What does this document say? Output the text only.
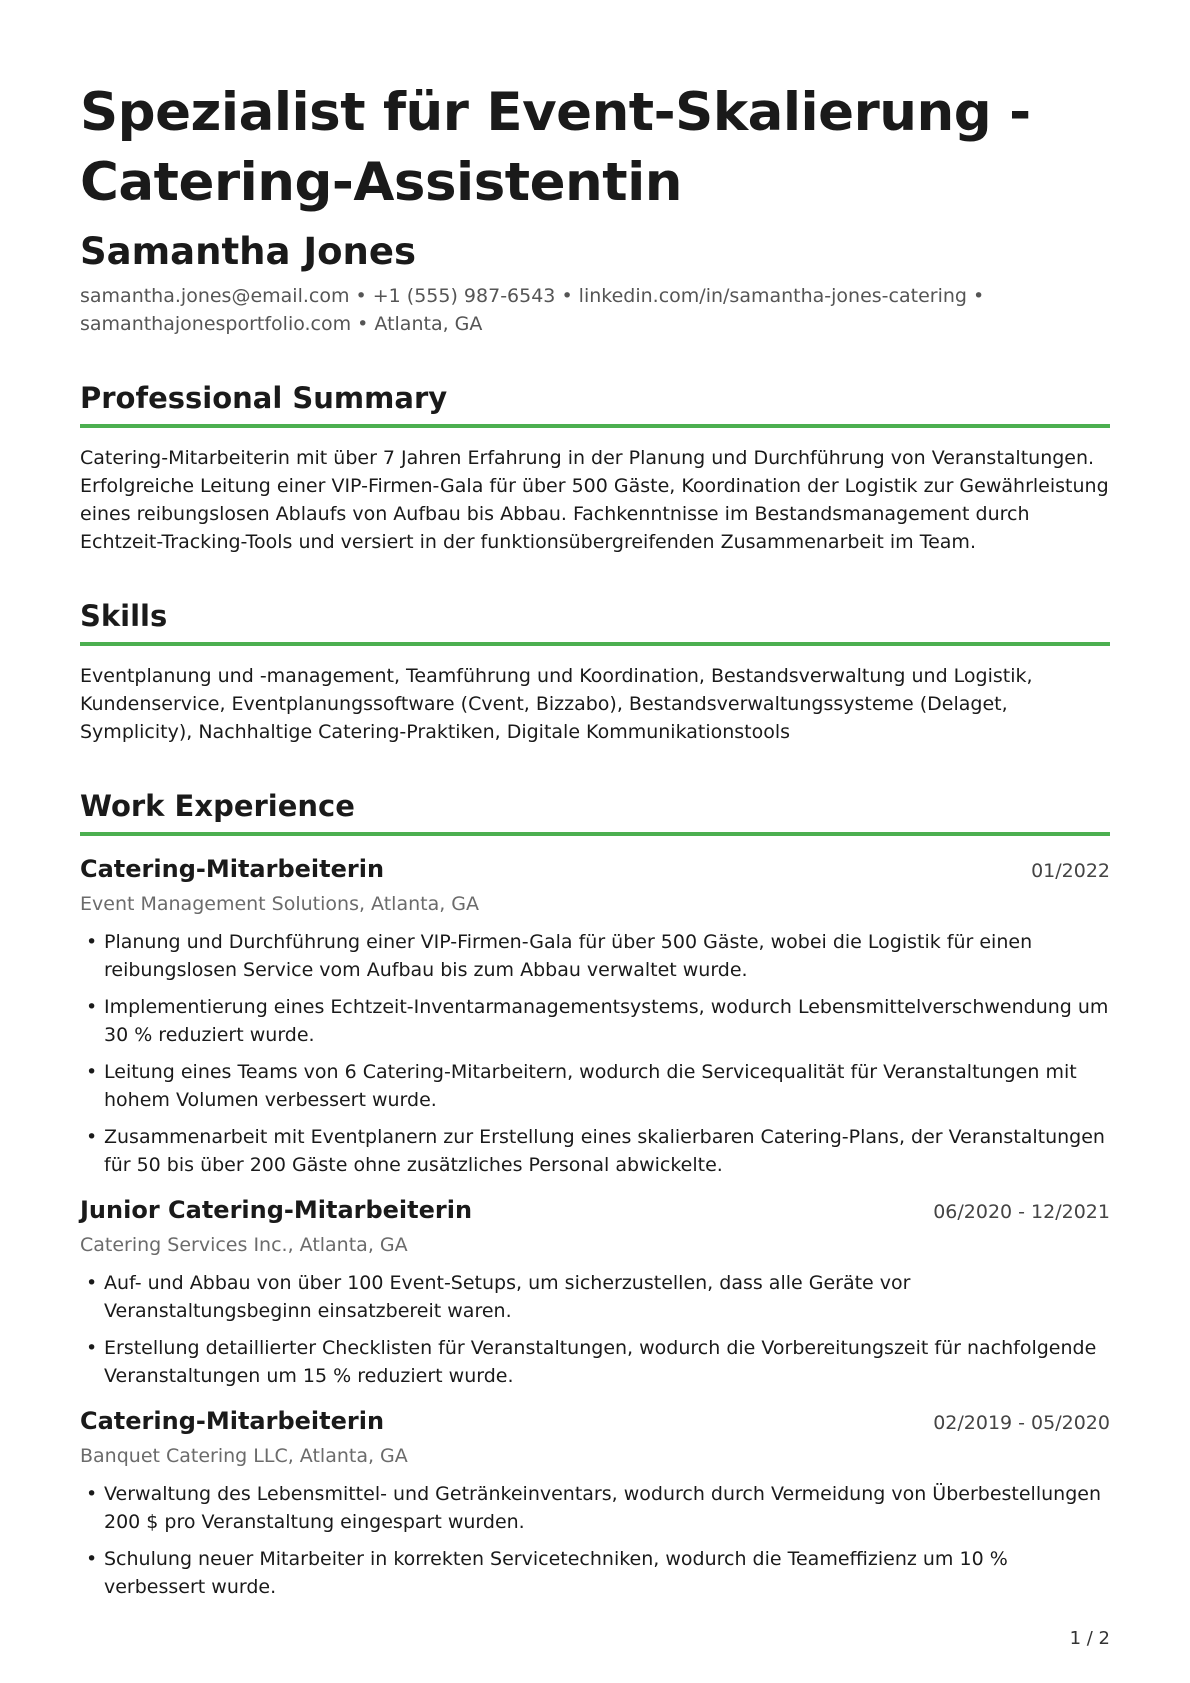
Spezialist für Event-Skalierung - Catering-Assistentin
Samantha Jones
samantha.jones@email.com • +1 (555) 987-6543 • linkedin.com/in/samantha-jones-catering •
samanthajonesportfolio.com • Atlanta, GA
Professional Summary
Catering-Mitarbeiterin mit über 7 Jahren Erfahrung in der Planung und Durchführung von Veranstaltungen. Erfolgreiche Leitung einer VIP-Firmen-Gala für über 500 Gäste, Koordination der Logistik zur Gewährleistung eines reibungslosen Ablaufs von Aufbau bis Abbau. Fachkenntnisse im Bestandsmanagement durch Echtzeit-Tracking-Tools und versiert in der funktionsübergreifenden Zusammenarbeit im Team.
Skills
Eventplanung und -management, Teamführung und Koordination, Bestandsverwaltung und Logistik, Kundenservice, Eventplanungssoftware (Cvent, Bizzabo), Bestandsverwaltungssysteme (Delaget, Symplicity), Nachhaltige Catering-Praktiken, Digitale Kommunikationstools
Work Experience
Catering-Mitarbeiterin	01/2022
Event Management Solutions, Atlanta, GA
• Planung und Durchführung einer VIP-Firmen-Gala für über 500 Gäste, wobei die Logistik für einen reibungslosen Service vom Aufbau bis zum Abbau verwaltet wurde.
• Implementierung eines Echtzeit-Inventarmanagementsystems, wodurch Lebensmittelverschwendung um 30 % reduziert wurde.
• Leitung eines Teams von 6 Catering-Mitarbeitern, wodurch die Servicequalität für Veranstaltungen mit hohem Volumen verbessert wurde.
• Zusammenarbeit mit Eventplanern zur Erstellung eines skalierbaren Catering-Plans, der Veranstaltungen für 50 bis über 200 Gäste ohne zusätzliches Personal abwickelte.
Junior Catering-Mitarbeiterin	06/2020 - 12/2021
Catering Services Inc., Atlanta, GA
• Auf- und Abbau von über 100 Event-Setups, um sicherzustellen, dass alle Geräte vor Veranstaltungsbeginn einsatzbereit waren.
• Erstellung detaillierter Checklisten für Veranstaltungen, wodurch die Vorbereitungszeit für nachfolgende Veranstaltungen um 15 % reduziert wurde.
Catering-Mitarbeiterin	02/2019 - 05/2020
Banquet Catering LLC, Atlanta, GA
• Verwaltung des Lebensmittel- und Getränkeinventars, wodurch durch Vermeidung von Überbestellungen 200 $ pro Veranstaltung eingespart wurden.
• Schulung neuer Mitarbeiter in korrekten Servicetechniken, wodurch die Teameffizienz um 10 % verbessert wurde.
1 / 2
